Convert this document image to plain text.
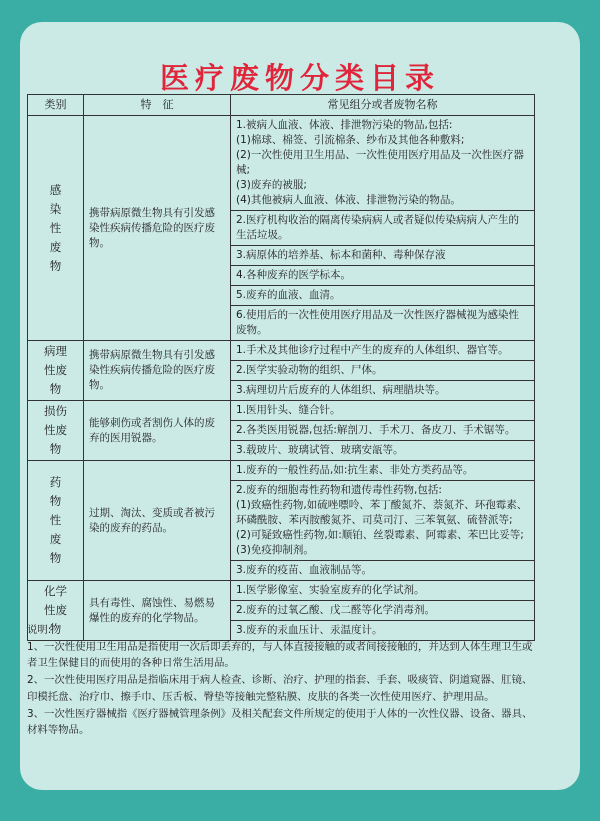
医疗废物分类目录
类别	特　征	常见组分或者废物名称
感
染
性
废
物	携带病原微生物具有引发感染性疾病传播危险的医疗废物。	1.被病人血液、体液、排泄物污染的物品,包括:
(1)棉球、棉签、引流棉条、纱布及其他各种敷料;
(2)一次性使用卫生用品、一次性使用医疗用品及一次性医疗器械;
(3)废弃的被服;
(4)其他被病人血液、体液、排泄物污染的物品。
		2.医疗机构收治的隔离传染病病人或者疑似传染病病人产生的生活垃圾。
		3.病原体的培养基、标本和菌种、毒种保存液
		4.各种废弃的医学标本。
		5.废弃的血液、血清。
		6.使用后的一次性使用医疗用品及一次性医疗器械视为感染性废物。
病理
性废
物	携带病原微生物具有引发感染性疾病传播危险的医疗废物。	1.手术及其他诊疗过程中产生的废弃的人体组织、器官等。
		2.医学实验动物的组织、尸体。
		3.病理切片后废弃的人体组织、病理腊块等。
损伤
性废
物	能够刺伤或者割伤人体的废弃的医用锐器。	1.医用针头、缝合针。
		2.各类医用锐器,包括:解剖刀、手术刀、备皮刀、手术锯等。
		3.载玻片、玻璃试管、玻璃安瓿等。
药
物
性
废
物	过期、淘汰、变质或者被污染的废弃的药品。	1.废弃的一般性药品,如:抗生素、非处方类药品等。
		2.废弃的细胞毒性药物和遗传毒性药物,包括:
(1)致癌性药物,如硫唑嘌呤、苯丁酸氮芥、萘氮芥、环孢霉素、环磷酰胺、苯丙胺酸氮芥、司莫司汀、三苯氧氨、硫替派等;
(2)可疑致癌性药物,如:顺铂、丝裂霉素、阿霉素、苯巴比妥等;
(3)免疫抑制剂。
		3.废弃的疫苗、血液制品等。
化学
性废
物	具有毒性、腐蚀性、易燃易爆性的废弃的化学物品。	1.医学影像室、实验室废弃的化学试剂。
		2.废弃的过氧乙酸、戊二醛等化学消毒剂。
		3.废弃的汞血压计、汞温度计。
说明:
1、一次性使用卫生用品是指使用一次后即丢弃的，与人体直接接触的或者间接接触的，并达到人体生理卫生或者卫生保健目的而使用的各种日常生活用品。
2、一次性使用医疗用品是指临床用于病人检查、诊断、治疗、护理的指套、手套、吸痰管、阴道窥器、肛镜、印模托盘、治疗巾、擦手巾、压舌板、臀垫等接触完整粘膜、皮肤的各类一次性使用医疗、护理用品。
3、一次性医疗器械指《医疗器械管理条例》及相关配套文件所规定的使用于人体的一次性仪器、设备、器具、材料等物品。
